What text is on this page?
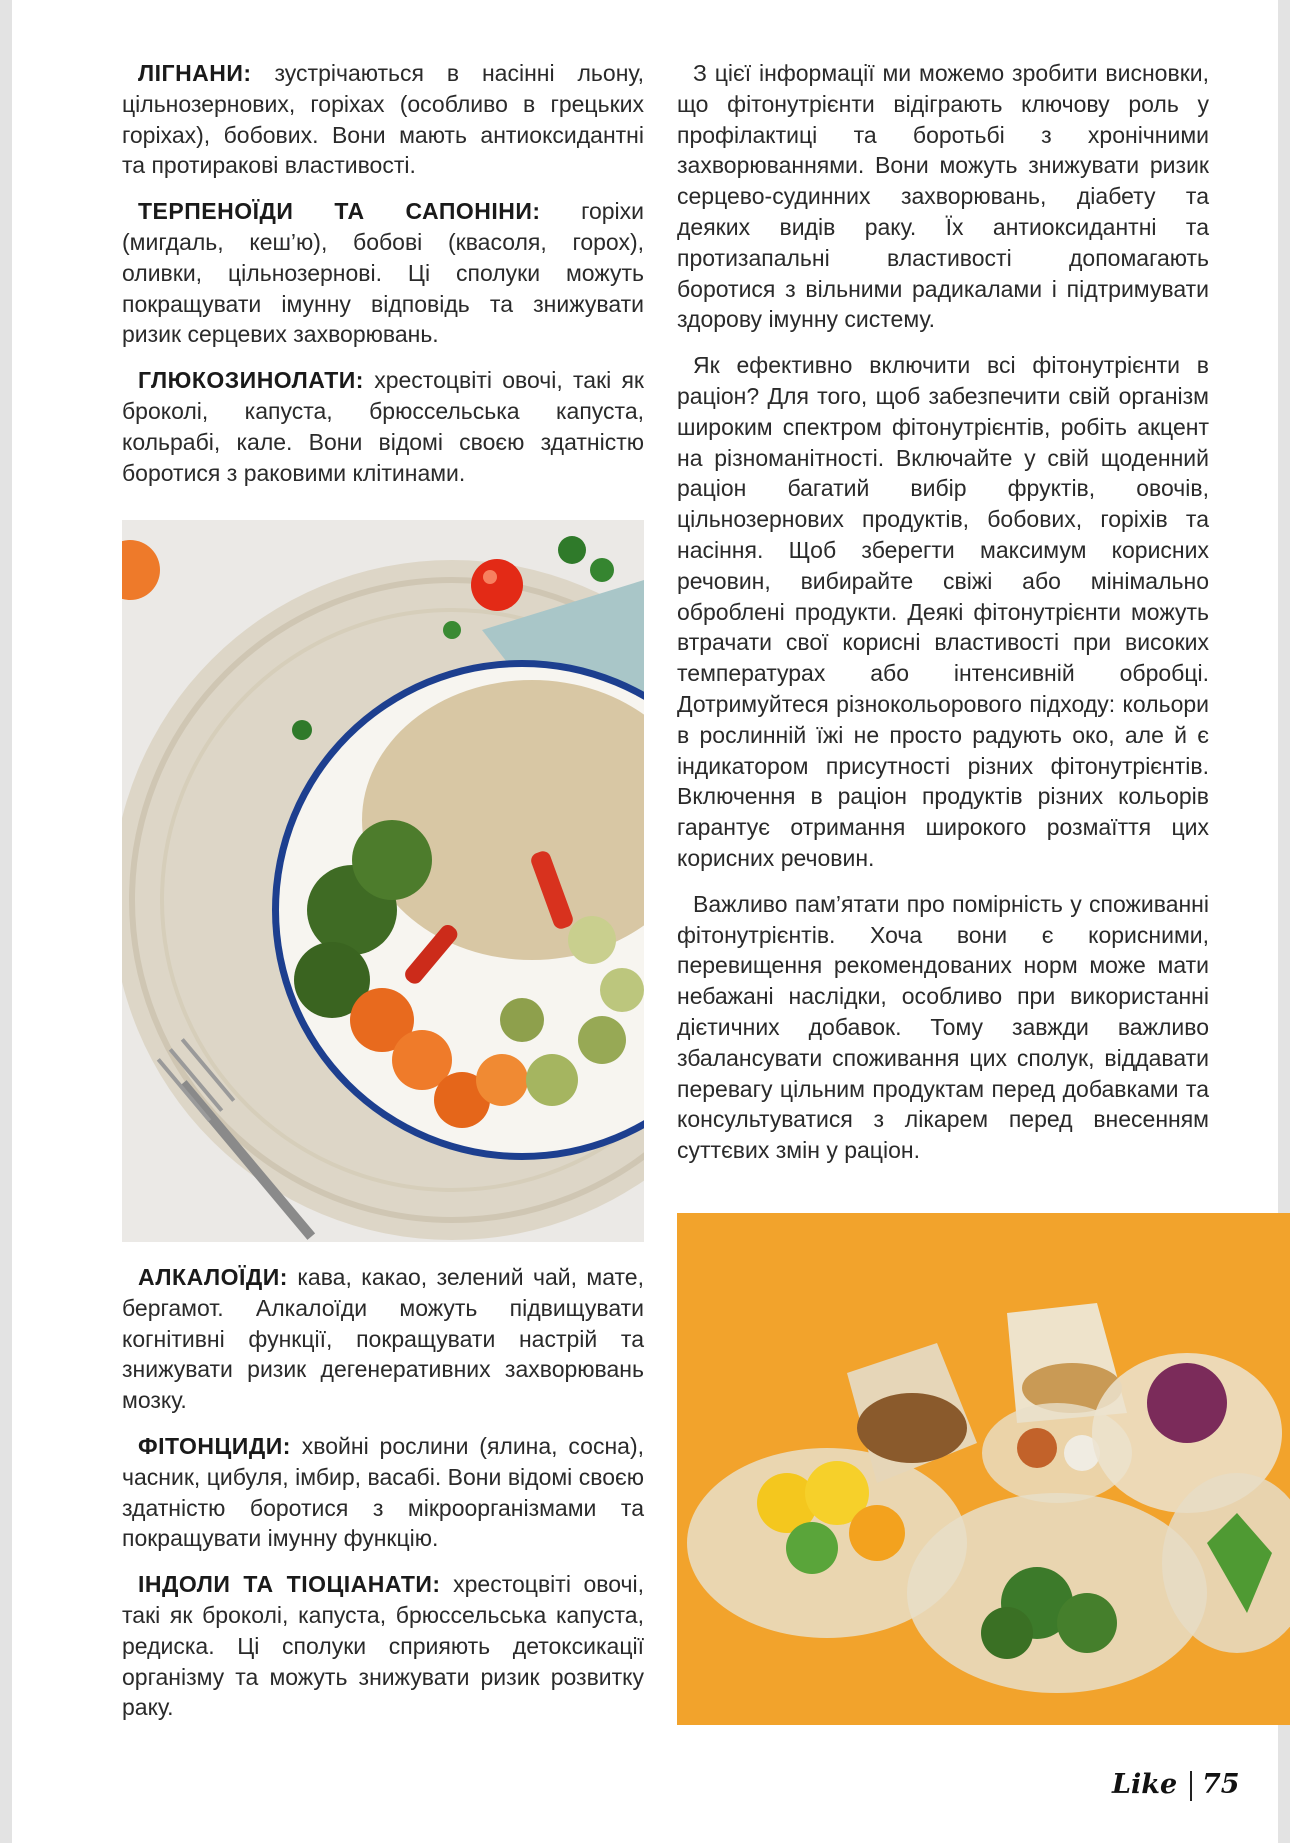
ЛІГНАНИ: зустрічаються в насінні льону, цільнозернових, горіхах (особливо в грецьких горіхах), бобових. Вони мають антиоксидантні та протиракові властивості.

ТЕРПЕНОЇДИ ТА САПОНІНИ: горіхи (мигдаль, кеш’ю), бобові (квасоля, горох), оливки, цільнозернові. Ці сполуки можуть покращувати імунну відповідь та знижувати ризик серцевих захворювань.

ГЛЮКОЗИНОЛАТИ: хрестоцвіті овочі, такі як броколі, капуста, брюссельська капуста, кольрабі, кале. Вони відомі своєю здатністю боротися з раковими клітинами.

АЛКАЛОЇДИ: кава, какао, зелений чай, мате, бергамот. Алкалоїди можуть підвищувати когнітивні функції, покращувати настрій та знижувати ризик дегенеративних захворювань мозку.

ФІТОНЦИДИ: хвойні рослини (ялина, сосна), часник, цибуля, імбир, васабі. Вони відомі своєю здатністю боротися з мікроорганізмами та покращувати імунну функцію.

ІНДОЛИ ТА ТІОЦІАНАТИ: хрестоцвіті овочі, такі як броколі, капуста, брюссельська капуста, редиска. Ці сполуки сприяють детоксикації організму та можуть знижувати ризик розвитку раку.

З цієї інформації ми можемо зробити висновки, що фітонутрієнти відіграють ключову роль у профілактиці та боротьбі з хронічними захворюваннями. Вони можуть знижувати ризик серцево-судинних захворювань, діабету та деяких видів раку. Їх антиоксидантні та протизапальні властивості допомагають боротися з вільними радикалами і підтримувати здорову імунну систему.

Як ефективно включити всі фітонутрієнти в раціон? Для того, щоб забезпечити свій організм широким спектром фітонутрієнтів, робіть акцент на різноманітності. Включайте у свій щоденний раціон багатий вибір фруктів, овочів, цільнозернових продуктів, бобових, горіхів та насіння. Щоб зберегти максимум корисних речовин, вибирайте свіжі або мінімально оброблені продукти. Деякі фітонутрієнти можуть втрачати свої корисні властивості при високих температурах або інтенсивній обробці. Дотримуйтеся різнокольорового підходу: кольори в рослинній їжі не просто радують око, але й є індикатором присутності різних фітонутрієнтів. Включення в раціон продуктів різних кольорів гарантує отримання широкого розмаїття цих корисних речовин.

Важливо пам’ятати про помірність у споживанні фітонутрієнтів. Хоча вони є корисними, перевищення рекомендованих норм може мати небажані наслідки, особливо при використанні дієтичних добавок. Тому завжди важливо збалансувати споживання цих сполук, віддавати перевагу цільним продуктам перед добавками та консультуватися з лікарем перед внесенням суттєвих змін у раціон.

Like 75
